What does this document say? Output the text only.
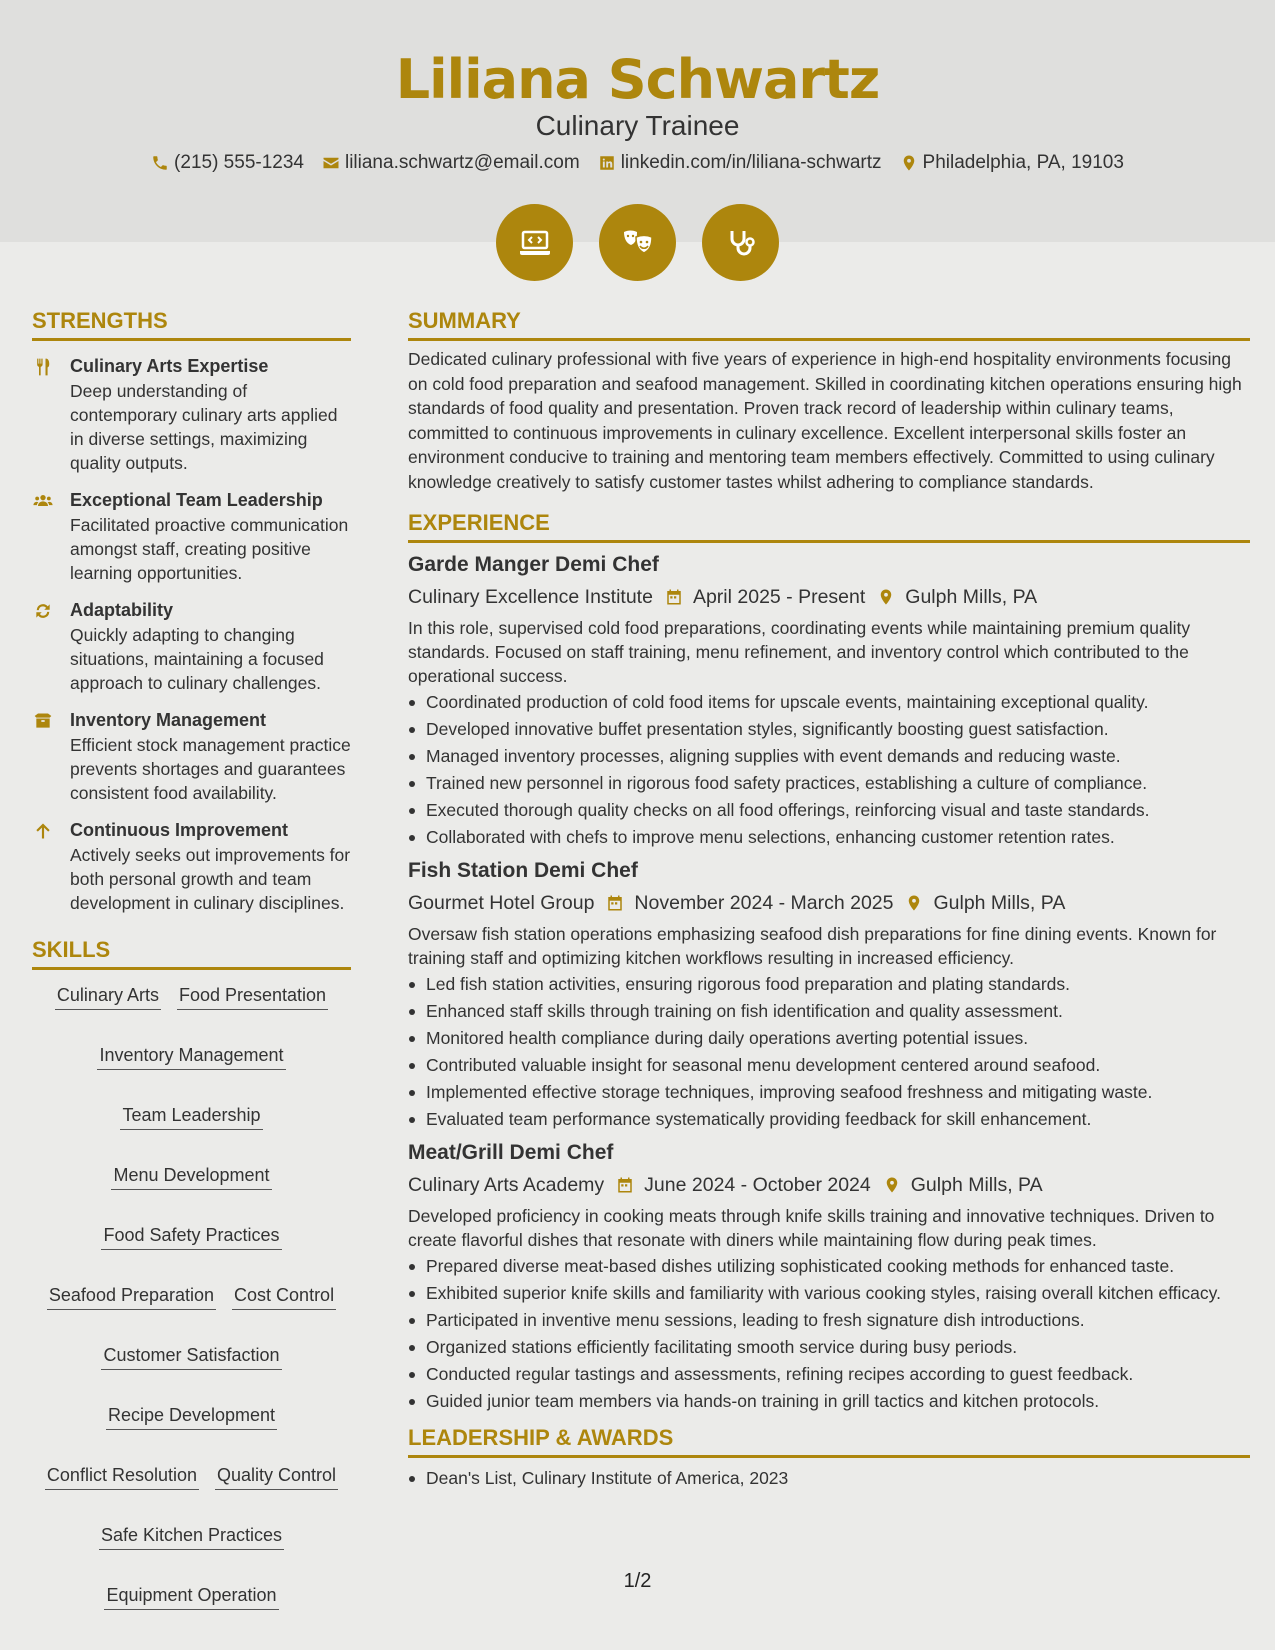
Liliana Schwartz
Culinary Trainee
(215) 555-1234 liliana.schwartz@email.com linkedin.com/in/liliana-schwartz Philadelphia, PA, 19103
STRENGTHS
Culinary Arts Expertise
Deep understanding of contemporary culinary arts applied in diverse settings, maximizing quality outputs.
Exceptional Team Leadership
Facilitated proactive communication amongst staff, creating positive learning opportunities.
Adaptability
Quickly adapting to changing situations, maintaining a focused approach to culinary challenges.
Inventory Management
Efficient stock management practice prevents shortages and guarantees consistent food availability.
Continuous Improvement
Actively seeks out improvements for both personal growth and team development in culinary disciplines.
SKILLS
Culinary Arts Food Presentation
Inventory Management
Team Leadership
Menu Development
Food Safety Practices
Seafood Preparation Cost Control
Customer Satisfaction
Recipe Development
Conflict Resolution Quality Control
Safe Kitchen Practices
Equipment Operation
SUMMARY
Dedicated culinary professional with five years of experience in high-end hospitality environments focusing on cold food preparation and seafood management. Skilled in coordinating kitchen operations ensuring high standards of food quality and presentation. Proven track record of leadership within culinary teams, committed to continuous improvements in culinary excellence. Excellent interpersonal skills foster an environment conducive to training and mentoring team members effectively. Committed to using culinary knowledge creatively to satisfy customer tastes whilst adhering to compliance standards.
EXPERIENCE
Garde Manger Demi Chef
Culinary Excellence Institute April 2025 - Present Gulph Mills, PA
In this role, supervised cold food preparations, coordinating events while maintaining premium quality standards. Focused on staff training, menu refinement, and inventory control which contributed to the operational success.
Coordinated production of cold food items for upscale events, maintaining exceptional quality.
Developed innovative buffet presentation styles, significantly boosting guest satisfaction.
Managed inventory processes, aligning supplies with event demands and reducing waste.
Trained new personnel in rigorous food safety practices, establishing a culture of compliance.
Executed thorough quality checks on all food offerings, reinforcing visual and taste standards.
Collaborated with chefs to improve menu selections, enhancing customer retention rates.
Fish Station Demi Chef
Gourmet Hotel Group November 2024 - March 2025 Gulph Mills, PA
Oversaw fish station operations emphasizing seafood dish preparations for fine dining events. Known for training staff and optimizing kitchen workflows resulting in increased efficiency.
Led fish station activities, ensuring rigorous food preparation and plating standards.
Enhanced staff skills through training on fish identification and quality assessment.
Monitored health compliance during daily operations averting potential issues.
Contributed valuable insight for seasonal menu development centered around seafood.
Implemented effective storage techniques, improving seafood freshness and mitigating waste.
Evaluated team performance systematically providing feedback for skill enhancement.
Meat/Grill Demi Chef
Culinary Arts Academy June 2024 - October 2024 Gulph Mills, PA
Developed proficiency in cooking meats through knife skills training and innovative techniques. Driven to create flavorful dishes that resonate with diners while maintaining flow during peak times.
Prepared diverse meat-based dishes utilizing sophisticated cooking methods for enhanced taste.
Exhibited superior knife skills and familiarity with various cooking styles, raising overall kitchen efficacy.
Participated in inventive menu sessions, leading to fresh signature dish introductions.
Organized stations efficiently facilitating smooth service during busy periods.
Conducted regular tastings and assessments, refining recipes according to guest feedback.
Guided junior team members via hands-on training in grill tactics and kitchen protocols.
LEADERSHIP & AWARDS
Dean's List, Culinary Institute of America, 2023
1/2
